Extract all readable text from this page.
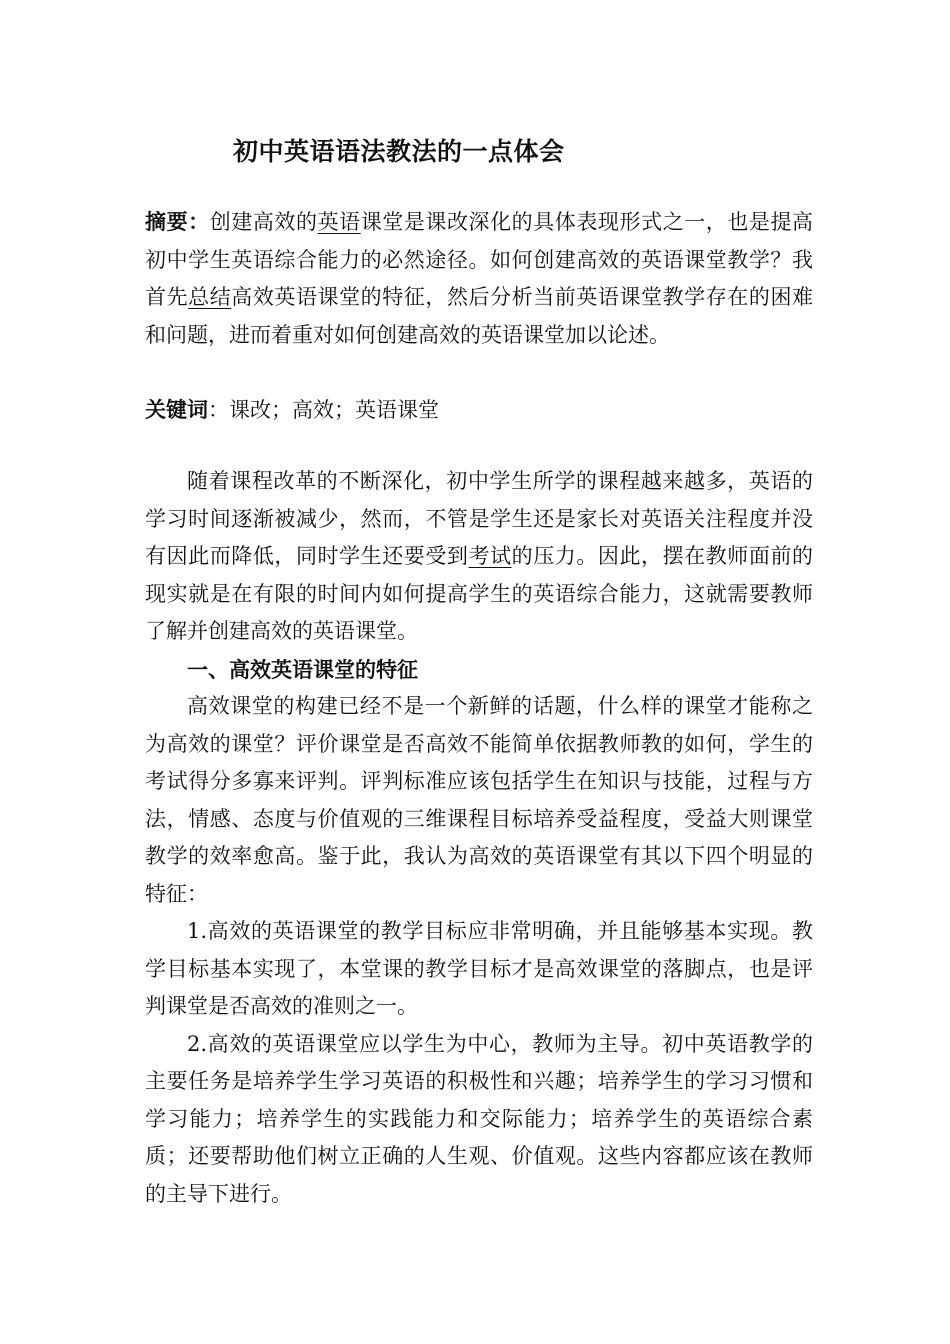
初中英语语法教法的一点体会

摘要：创建高效的英语课堂是课改深化的具体表现形式之一，也是提高初中学生英语综合能力的必然途径。如何创建高效的英语课堂教学？我首先总结高效英语课堂的特征，然后分析当前英语课堂教学存在的困难和问题，进而着重对如何创建高效的英语课堂加以论述。

关键词：课改；高效；英语课堂

随着课程改革的不断深化，初中学生所学的课程越来越多，英语的学习时间逐渐被减少，然而，不管是学生还是家长对英语关注程度并没有因此而降低，同时学生还要受到考试的压力。因此，摆在教师面前的现实就是在有限的时间内如何提高学生的英语综合能力，这就需要教师了解并创建高效的英语课堂。

一、高效英语课堂的特征

高效课堂的构建已经不是一个新鲜的话题，什么样的课堂才能称之为高效的课堂？评价课堂是否高效不能简单依据教师教的如何，学生的考试得分多寡来评判。评判标准应该包括学生在知识与技能，过程与方法，情感、态度与价值观的三维课程目标培养受益程度，受益大则课堂教学的效率愈高。鉴于此，我认为高效的英语课堂有其以下四个明显的特征：

1.高效的英语课堂的教学目标应非常明确，并且能够基本实现。教学目标基本实现了，本堂课的教学目标才是高效课堂的落脚点，也是评判课堂是否高效的准则之一。

2.高效的英语课堂应以学生为中心，教师为主导。初中英语教学的主要任务是培养学生学习英语的积极性和兴趣；培养学生的学习习惯和学习能力；培养学生的实践能力和交际能力；培养学生的英语综合素质；还要帮助他们树立正确的人生观、价值观。这些内容都应该在教师的主导下进行。
